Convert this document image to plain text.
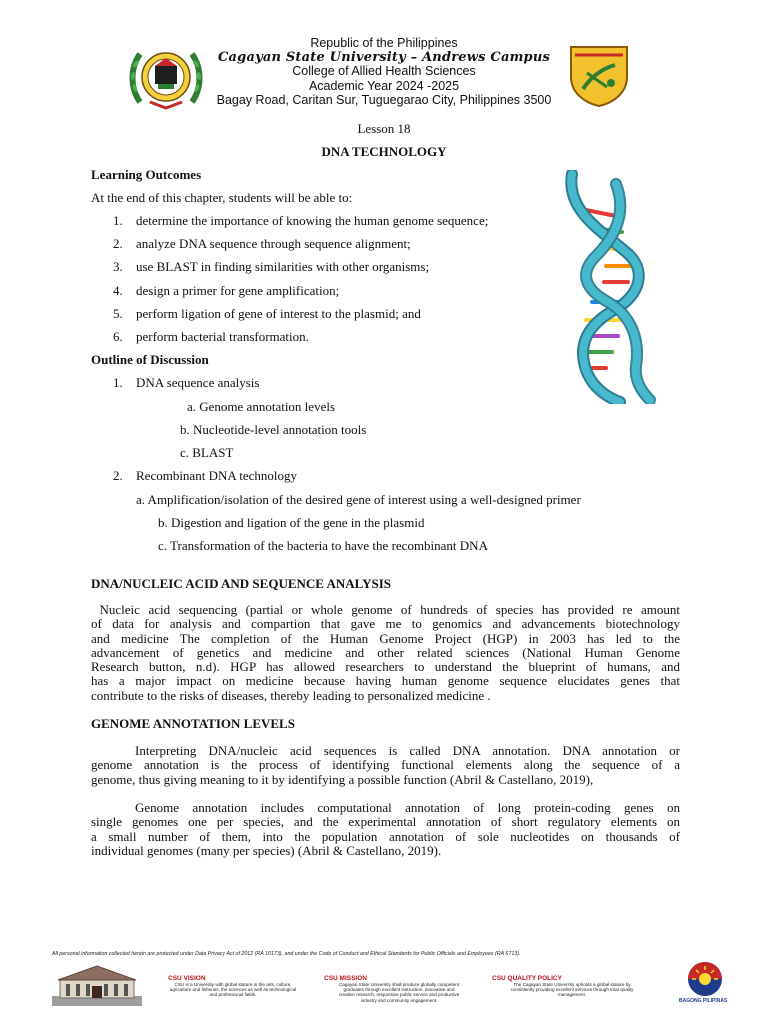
Republic of the Philippines
Cagayan State University – Andrews Campus
College of Allied Health Sciences
Academic Year 2024 -2025
Bagay Road, Caritan Sur, Tuguegarao City, Philippines 3500
Lesson 18
DNA TECHNOLOGY
Learning Outcomes
At the end of this chapter, students will be able to:
1. determine the importance of knowing the human genome sequence;
2. analyze DNA sequence through sequence alignment;
3. use BLAST in finding similarities with other organisms;
4. design a primer for gene amplification;
5. perform ligation of gene of interest to the plasmid; and
6. perform bacterial transformation.
Outline of Discussion
1. DNA sequence analysis
a. Genome annotation levels
b. Nucleotide-level annotation tools
c. BLAST
2. Recombinant DNA technology
a. Amplification/isolation of the desired gene of interest using a well-designed primer
b. Digestion and ligation of the gene in the plasmid
c. Transformation of the bacteria to have the recombinant DNA
DNA/NUCLEIC ACID AND SEQUENCE ANALYSIS
Nucleic acid sequencing (partial or whole genome of hundreds of species has provided re amount
of data for analysis and compartion that gave me to genomics and advancements biotechnology
and medicine The completion of the Human Genome Project (HGP) in 2003 has led to the
advancement of genetics and medicine and other related sciences (National Human Genome
Research button, n.d). HGP has allowed researchers to understand the blueprint of humans, and
has a major impact on medicine because having human genome sequence elucidates genes that
contribute to the risks of diseases, thereby leading to personalized medicine .
GENOME ANNOTATION LEVELS
Interpreting DNA/nucleic acid sequences is called DNA annotation. DNA annotation or
genome annotation is the process of identifying functional elements along the sequence of a
genome, thus giving meaning to it by identifying a possible function (Abril & Castellano, 2019),
Genome annotation includes computational annotation of long protein-coding genes on
single genomes one per species, and the experimental annotation of short regulatory elements on
a small number of them, into the population annotation of sole nucleotides on thousands of
individual genomes (many per species) (Abril & Castellano, 2019).
All personal information collected herein are protected under Data Privacy Act of 2012 (RA 10173), and under the Code of Conduct and Ethical Standards for Public Officials and Employees (RA 6713).
CSU VISION
CSU is a University with global stature in the arts, culture,
agriculture and fisheries, the sciences as well as technological
and professional fields.
CSU MISSION
Cagayan State University shall produce globally competent
graduates through excellent instruction, innovative and
creative research, responsive public service and productive
industry and community engagement.
CSU QUALITY POLICY
The Cagayan State University upholds a global stature by
consistently providing excellent services through total quality
management.
BAGONG PILIPINAS
